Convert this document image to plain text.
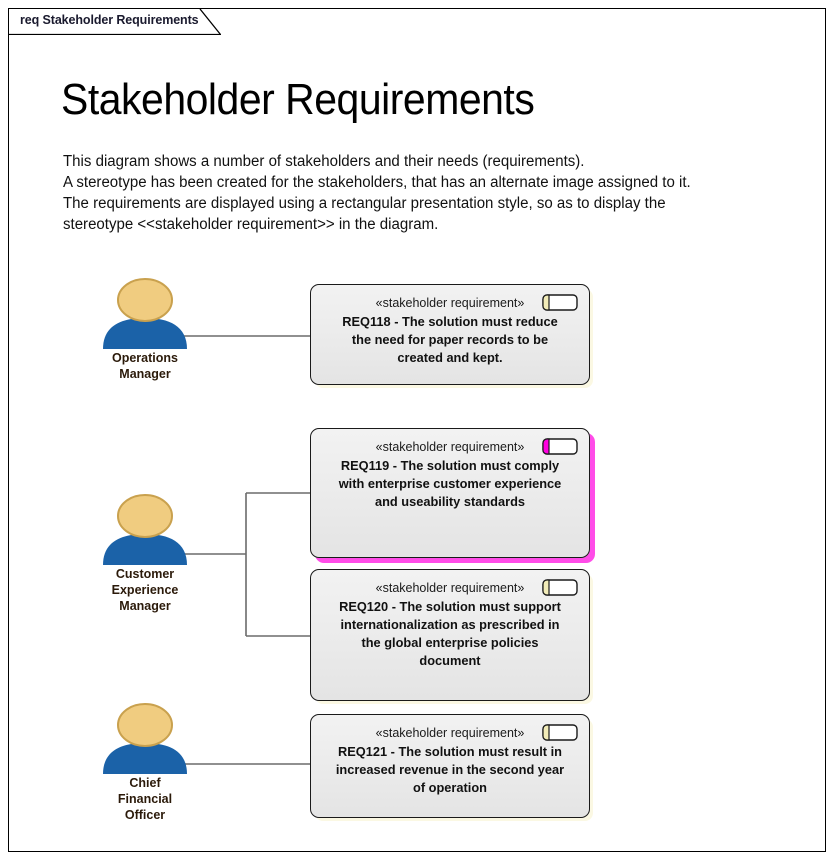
req Stakeholder Requirements
Stakeholder Requirements
This diagram shows a number of stakeholders and their needs (requirements).
A stereotype has been created for the stakeholders, that has an alternate image assigned to it.
The requirements are displayed using a rectangular presentation style, so as to display the
stereotype <<stakeholder requirement>> in the diagram.
Operations
Manager
Customer
Experience
Manager
Chief
Financial
Officer
«stakeholder requirement»
REQ118 - The solution must reduce
the need for paper records to be
created and kept.
«stakeholder requirement»
REQ119 - The solution must comply
with enterprise customer experience
and useability standards
«stakeholder requirement»
REQ120 - The solution must support
internationalization as prescribed in
the global enterprise policies
document
«stakeholder requirement»
REQ121 - The solution must result in
increased revenue in the second year
of operation
